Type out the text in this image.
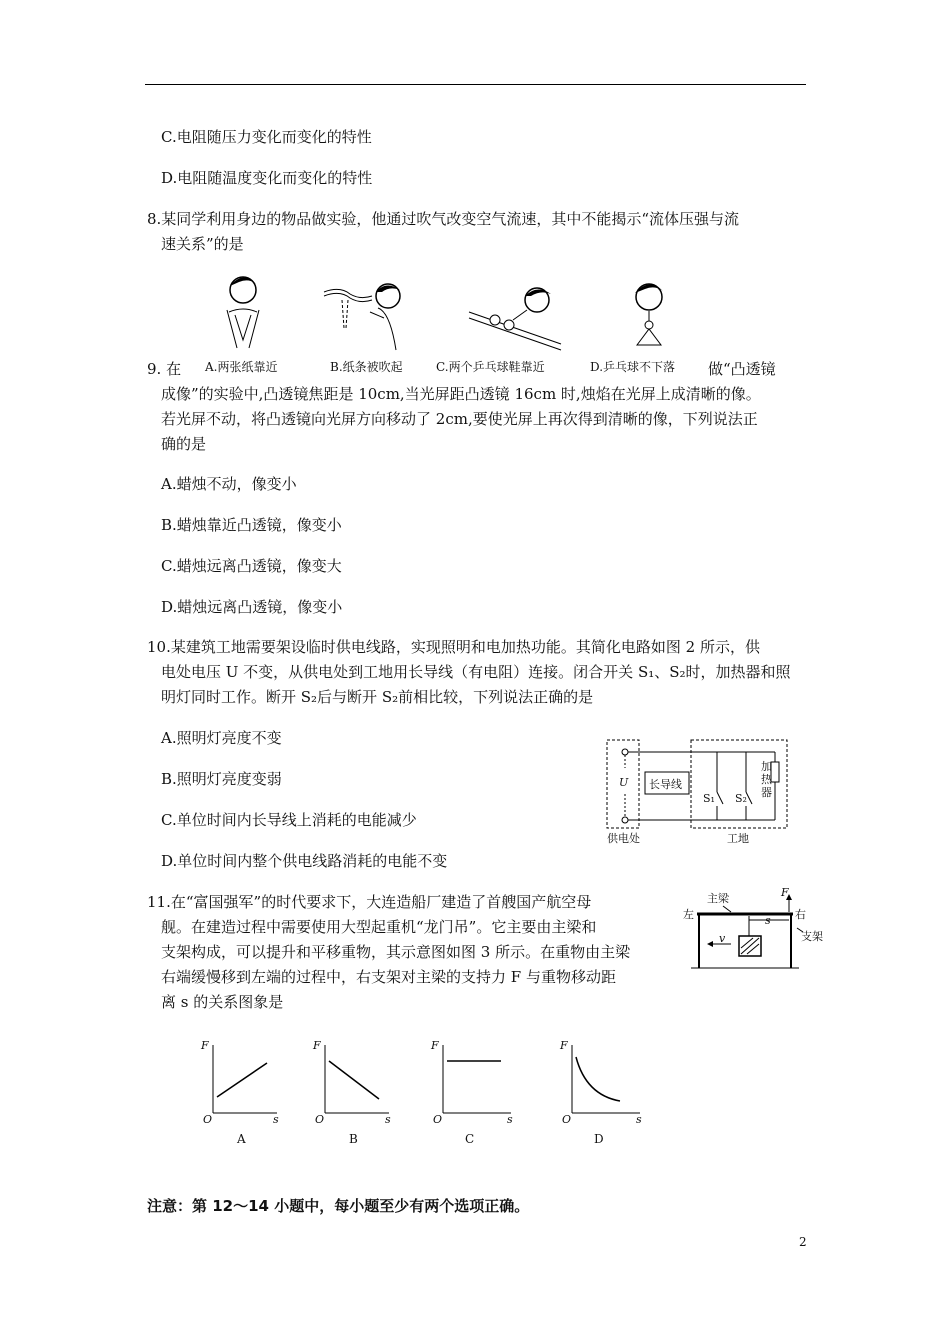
C.电阻随压力变化而变化的特性
D.电阻随温度变化而变化的特性
8.某同学利用身边的物品做实验，他通过吹气改变空气流速，其中不能揭示“流体压强与流
速关系”的是
9. 在 A.两张纸靠近	B.纸条被吹起	C.两个乒乓球鞋靠近	D.乒乓球不下落 做“凸透镜
成像”的实验中,凸透镜焦距是 10cm,当光屏距凸透镜 16cm 时,烛焰在光屏上成清晰的像。
若光屏不动，将凸透镜向光屏方向移动了 2cm,要使光屏上再次得到清晰的像，下列说法正
确的是
A.蜡烛不动，像变小
B.蜡烛靠近凸透镜，像变小
C.蜡烛远离凸透镜，像变大
D.蜡烛远离凸透镜，像变小
10.某建筑工地需要架设临时供电线路，实现照明和电加热功能。其简化电路如图 2 所示，供
电处电压 U 不变，从供电处到工地用长导线（有电阻）连接。闭合开关 S₁、S₂时，加热器和照
明灯同时工作。断开 S₂后与断开 S₂前相比较，下列说法正确的是
A.照明灯亮度不变
B.照明灯亮度变弱
C.单位时间内长导线上消耗的电能减少
D.单位时间内整个供电线路消耗的电能不变
U 长导线
S₁ S₂
加
热
器
供电处	工地
11.在“富国强军”的时代要求下，大连造船厂建造了首艘国产航空母
舰。在建造过程中需要使用大型起重机“龙门吊”。它主要由主梁和
支架构成，可以提升和平移重物，其示意图如图 3 所示。在重物由主梁
右端缓慢移到左端的过程中，右支架对主梁的支持力 F 与重物移动距
离 s 的关系图象是
主梁	F
左	右
s
v	支架
F
O	s
A
F
O	s
B
F
O	s
C
F
O	s
D
注意：第 12～14 小题中，每小题至少有两个选项正确。
2
